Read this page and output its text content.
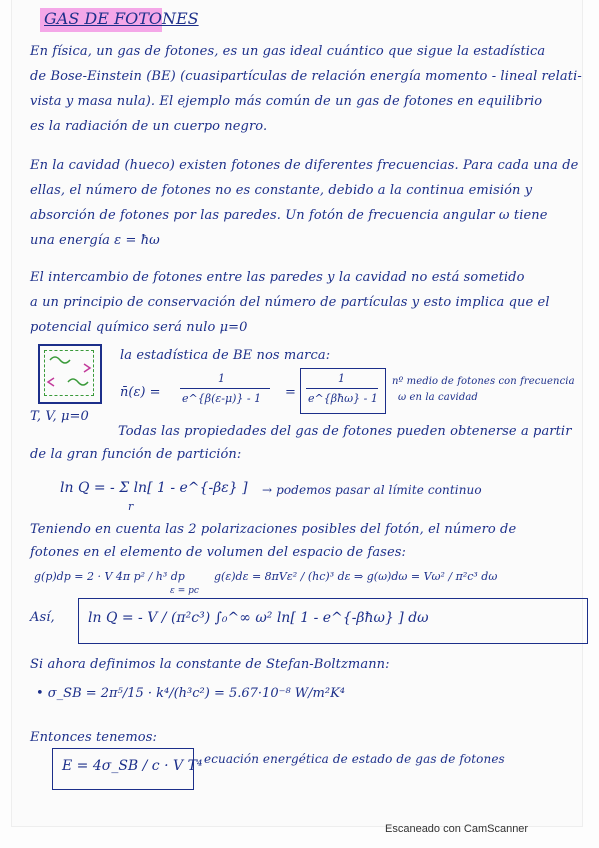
GAS DE FOTONES
En física, un gas de fotones, es un gas ideal cuántico que sigue la estadística
de Bose-Einstein (BE) (cuasipartículas de relación energía momento - lineal relati-
vista y masa nula). El ejemplo más común de un gas de fotones en equilibrio
es la radiación de un cuerpo negro.
En la cavidad (hueco) existen fotones de diferentes frecuencias. Para cada una de
ellas, el número de fotones no es constante, debido a la continua emisión y
absorción de fotones por las paredes. Un fotón de frecuencia angular ω tiene
una energía ε = ħω
El intercambio de fotones entre las paredes y la cavidad no está sometido
a un principio de conservación del número de partículas y esto implica que el
potencial químico será nulo μ=0
T, V, μ=0
la estadística de BE nos marca:
n̄(ε) =
1
e^{β(ε-μ)} - 1 =
1
e^{βħω} - 1
nº medio de fotones con frecuencia
ω en la cavidad
Todas las propiedades del gas de fotones pueden obtenerse a partir
de la gran función de partición:
ln Q = - Σ ln[ 1 - e^{-βε} ]
r
→ podemos pasar al límite continuo
Teniendo en cuenta las 2 polarizaciones posibles del fotón, el número de
fotones en el elemento de volumen del espacio de fases:
g(p)dp = 2 · V 4π p² / h³ dp
ε = pc
g(ε)dε = 8πVε² / (hc)³ dε ⇒ g(ω)dω = Vω² / π²c³ dω
Así, ln Q = - V / (π²c³) ∫₀^∞ ω² ln[ 1 - e^{-βħω} ] dω
Si ahora definimos la constante de Stefan-Boltzmann:
• σ_SB = 2π⁵/15 · k⁴/(h³c²) = 5.67·10⁻⁸ W/m²K⁴
Entonces tenemos:
E = 4σ_SB / c · V T⁴ ecuación energética de estado de gas de fotones
Escaneado con CamScanner
